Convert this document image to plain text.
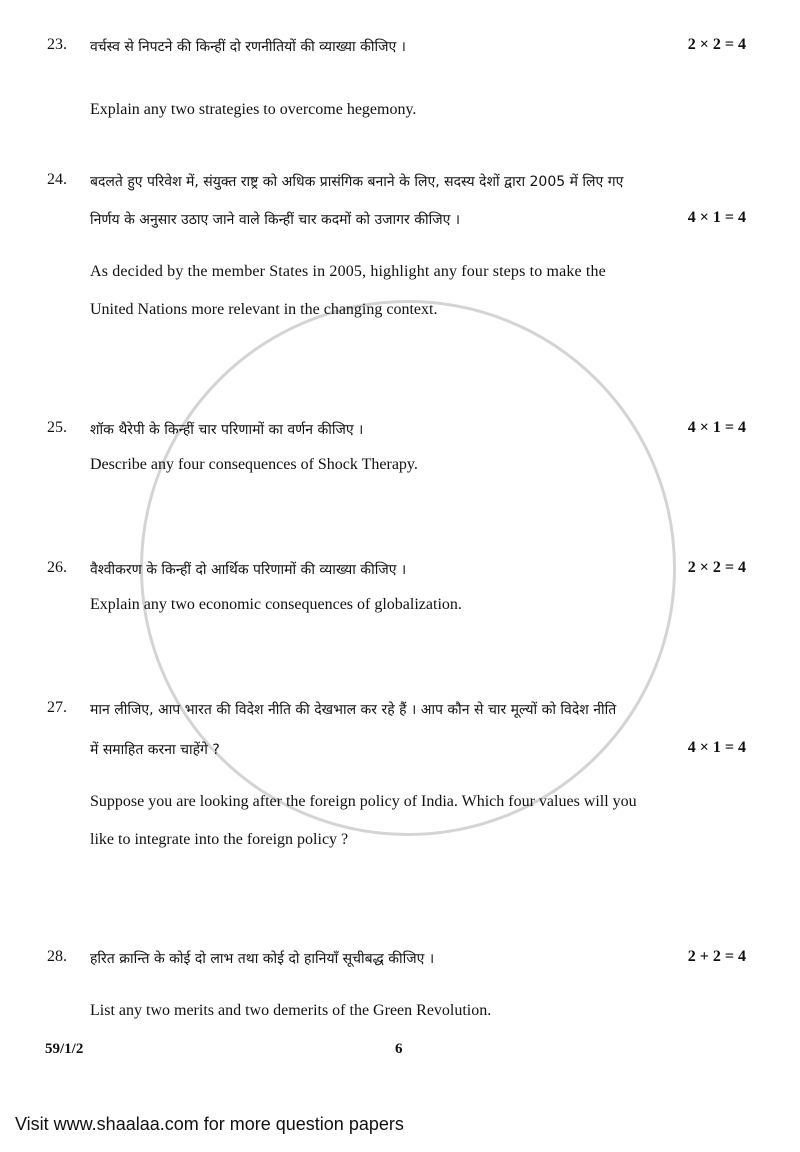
23. वर्चस्व से निपटने की किन्हीं दो रणनीतियों की व्याख्या कीजिए ।	2 × 2 = 4
Explain any two strategies to overcome hegemony.
24. बदलते हुए परिवेश में, संयुक्त राष्ट्र को अधिक प्रासंगिक बनाने के लिए, सदस्य देशों द्वारा 2005 में लिए गए
निर्णय के अनुसार उठाए जाने वाले किन्हीं चार कदमों को उजागर कीजिए ।	4 × 1 = 4
As decided by the member States in 2005, highlight any four steps to make the
United Nations more relevant in the changing context.
25. शॉक थैरेपी के किन्हीं चार परिणामों का वर्णन कीजिए ।	4 × 1 = 4
Describe any four consequences of Shock Therapy.
26. वैश्वीकरण के किन्हीं दो आर्थिक परिणामों की व्याख्या कीजिए ।	2 × 2 = 4
Explain any two economic consequences of globalization.
27. मान लीजिए, आप भारत की विदेश नीति की देखभाल कर रहे हैं । आप कौन से चार मूल्यों को विदेश नीति
में समाहित करना चाहेंगे ?	4 × 1 = 4
Suppose you are looking after the foreign policy of India. Which four values will you
like to integrate into the foreign policy ?
28. हरित क्रान्ति के कोई दो लाभ तथा कोई दो हानियाँ सूचीबद्ध कीजिए ।	2 + 2 = 4
List any two merits and two demerits of the Green Revolution.
59/1/2	6
Visit www.shaalaa.com for more question papers
